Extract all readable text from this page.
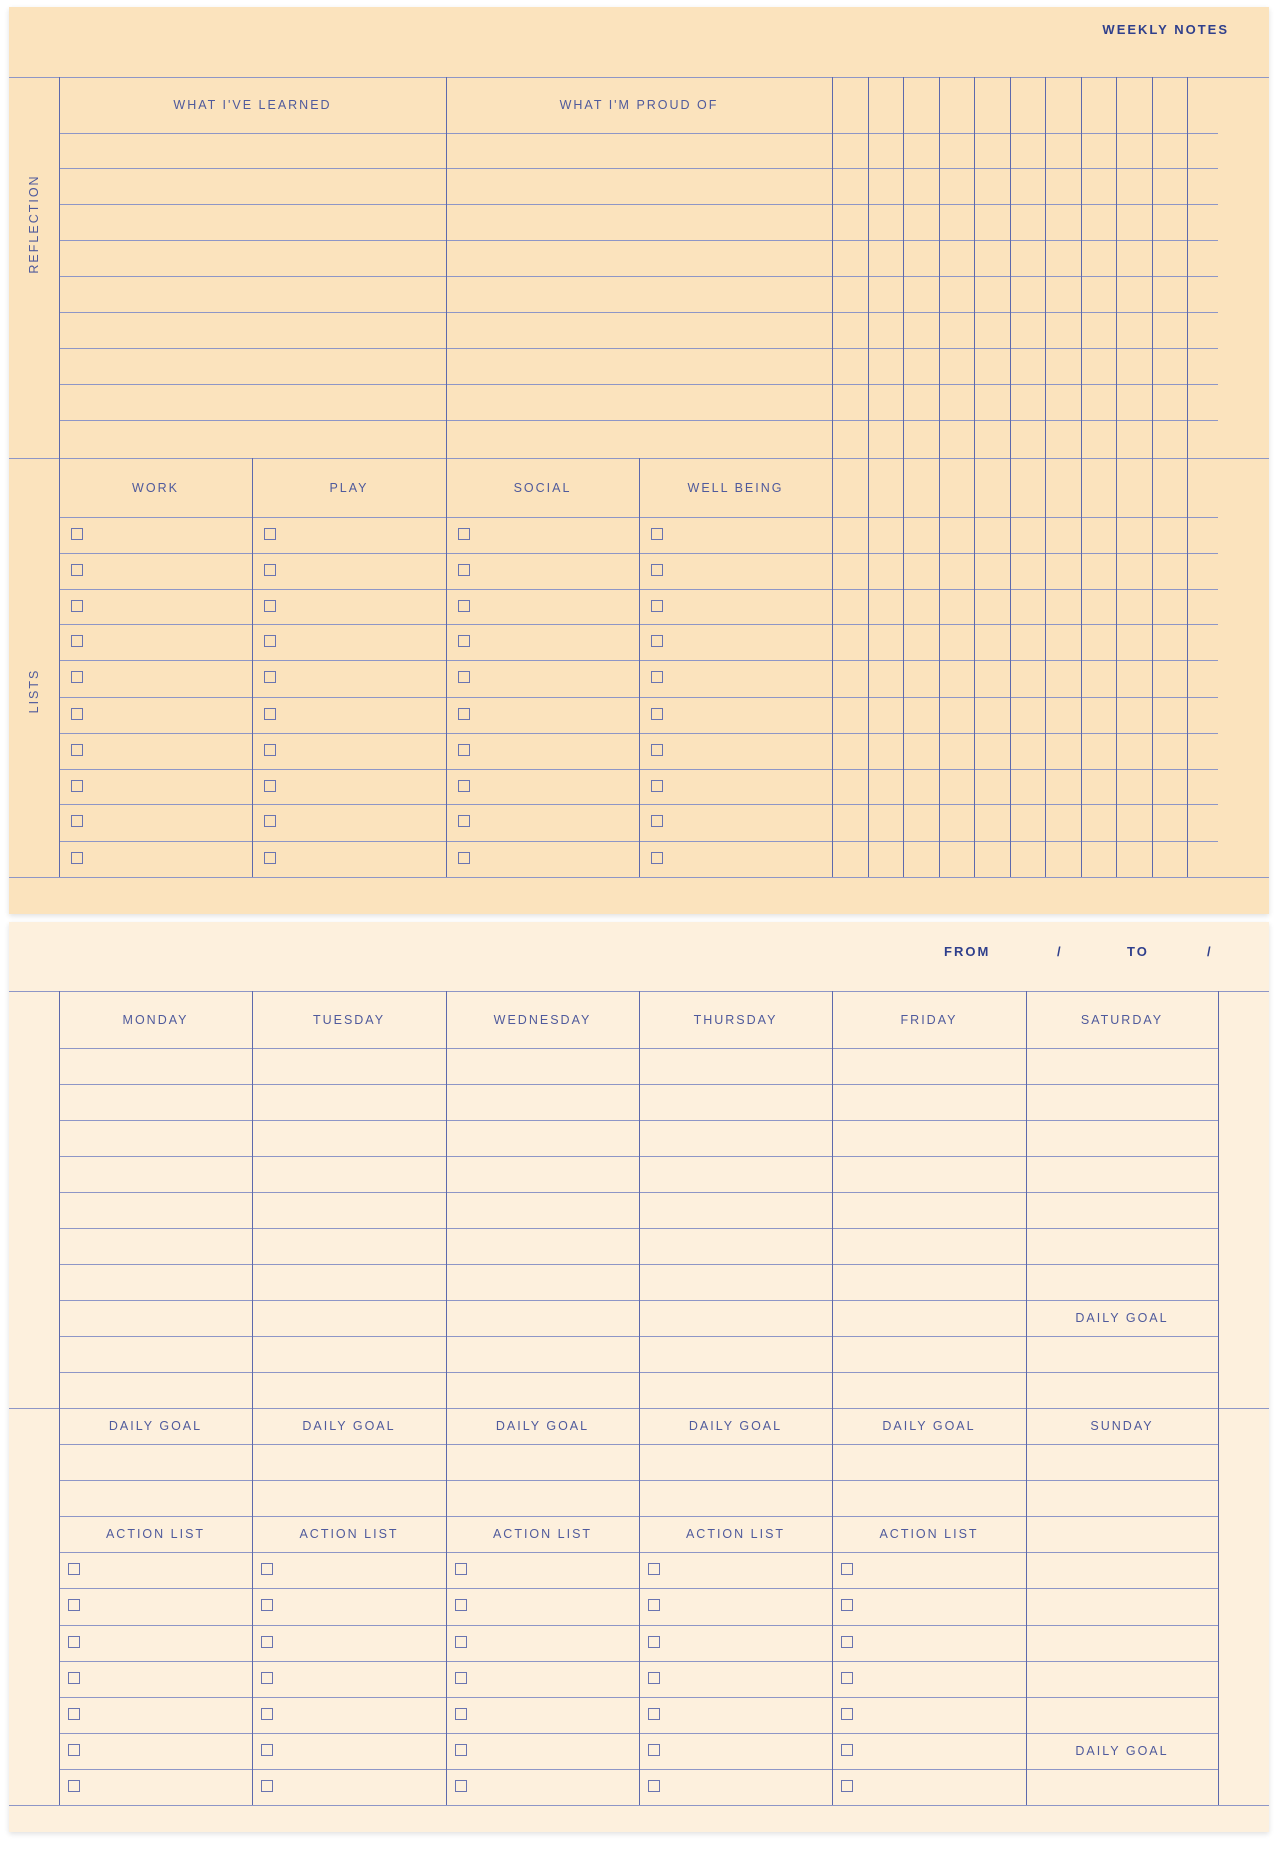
WEEKLY NOTES
REFLECTION
LISTS
WHAT I'VE LEARNED	WHAT I'M PROUD OF
WORK	PLAY	SOCIAL	WELL BEING
FROM	/	TO	/
MONDAY	TUESDAY	WEDNESDAY	THURSDAY	FRIDAY	SATURDAY
DAILY GOAL
DAILY GOAL	DAILY GOAL	DAILY GOAL	DAILY GOAL	DAILY GOAL	SUNDAY
ACTION LIST	ACTION LIST	ACTION LIST	ACTION LIST	ACTION LIST
DAILY GOAL
